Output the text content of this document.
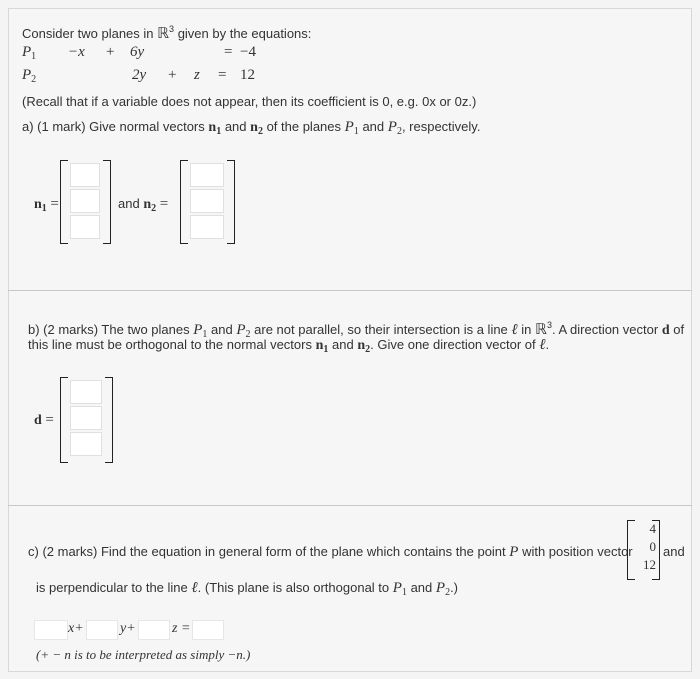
Consider two planes in ℝ$^3$ given by the equations:
$P_1 -x + 6y$	= −4
$P_2$	2y + z = 12
(Recall that if a variable does not appear, then its coefficient is 0, e.g. 0x or 0z.)
a) (1 mark) Give normal vectors $n_1$ and $n_2$ of the planes $P_1$ and $P_2$, respectively.
$n_1$ =	and $n_2$ =
b) (2 marks) The two planes $P_1$ and $P_2$ are not parallel, so their intersection is a line ℓ in ℝ$^3$. A direction vector d of
this line must be orthogonal to the normal vectors $n_1$ and $n_2$. Give one direction vector of ℓ.
d =
c) (2 marks) Find the equation in general form of the plane which contains the point P with position vector
4
0
12
and
is perpendicular to the line ℓ. (This plane is also orthogonal to $P_1$ and $P_2$.)
x+	y+	z =
(+ − n is to be interpreted as simply −n.)
